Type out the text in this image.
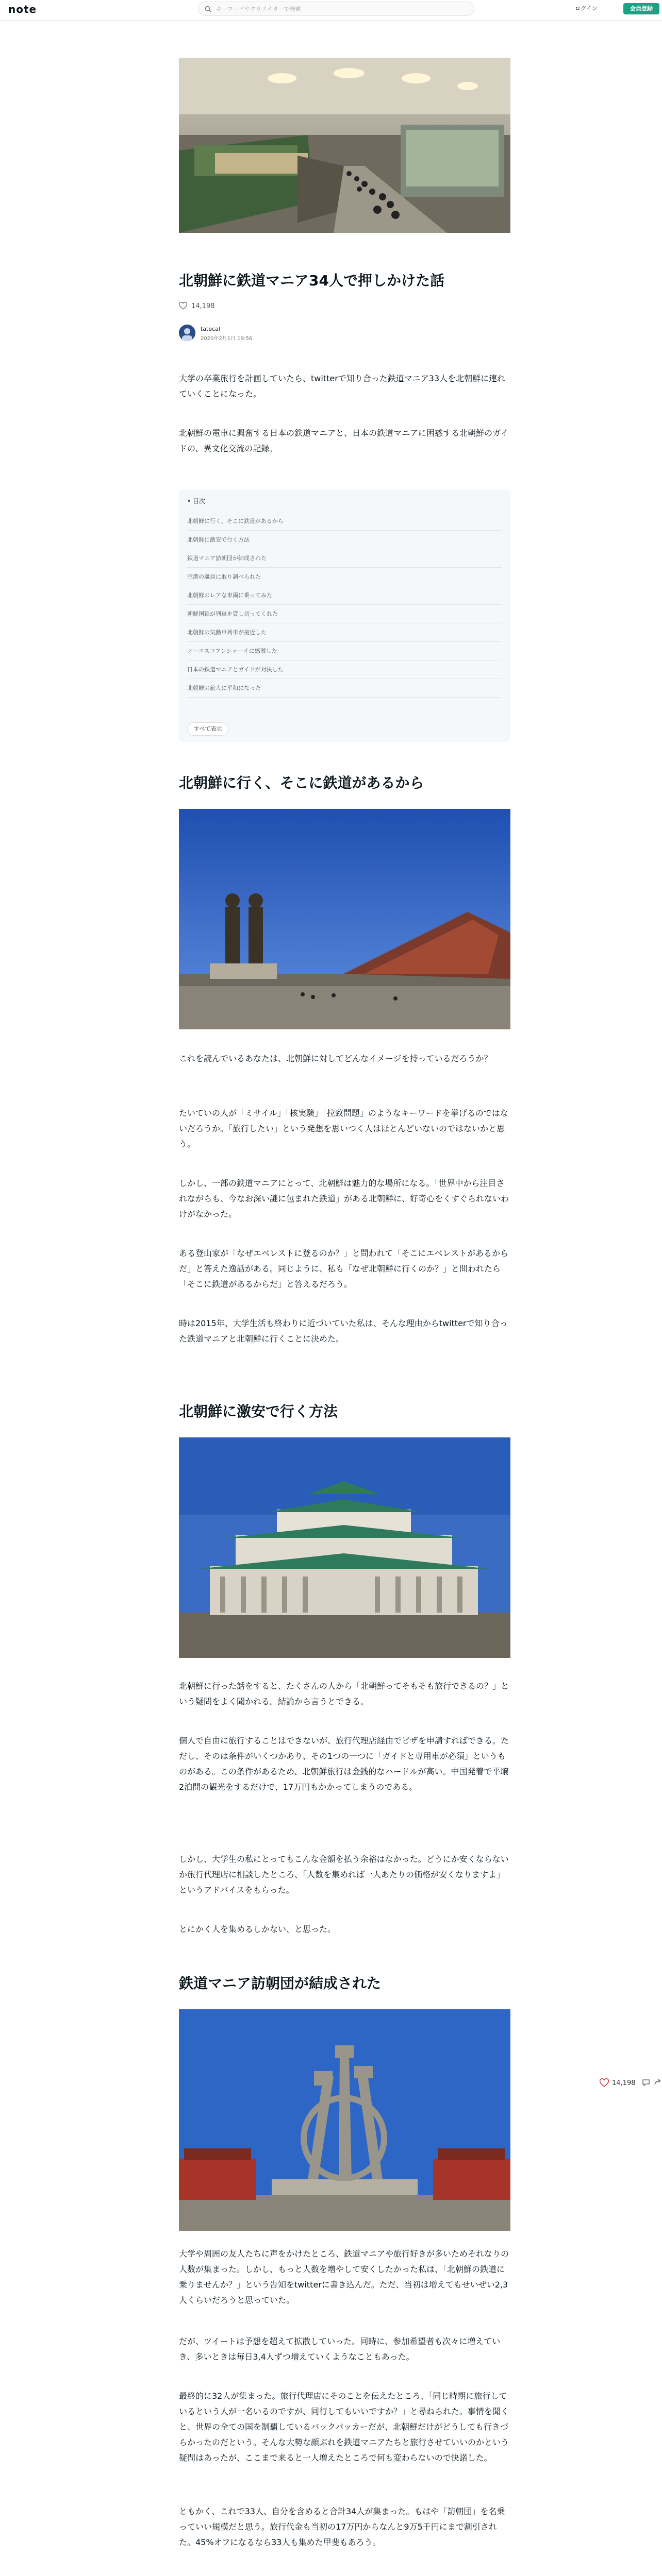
note
キーワードやクリエイターで検索	ログイン	会員登録
北朝鮮に鉄道マニア34人で押しかけた話
14,198
tatecal
2020年2月1日 19:56

大学の卒業旅行を計画していたら、twitterで知り合った鉄道マニア33人を北朝鮮に連れていくことになった。

北朝鮮の電車に興奮する日本の鉄道マニアと、日本の鉄道マニアに困惑する北朝鮮のガイドの、異文化交流の記録。

• 目次
北朝鮮に行く、そこに鉄道があるから
北朝鮮に激安で行く方法
鉄道マニア訪朝団が結成された
空港の職員に取り調べられた
北朝鮮のレアな車両に乗ってみた
朝鮮国鉄が列車を貸し切ってくれた
北朝鮮の気動車列車が接近した
ノーエスコアンシャーイに感激した
日本の鉄道マニアとガイドが対決した
北朝鮮の旅人に平和になった
すべて表示
北朝鮮に行く、そこに鉄道があるから

これを読んでいるあなたは、北朝鮮に対してどんなイメージを持っているだろうか？

たいていの人が「ミサイル」「核実験」「拉致問題」のようなキーワードを挙げるのではないだろうか。「旅行したい」という発想を思いつく人はほとんどいないのではないかと思う。

しかし、一部の鉄道マニアにとって、北朝鮮は魅力的な場所になる。「世界中から注目されながらも、今なお深い謎に包まれた鉄道」がある北朝鮮に、好奇心をくすぐられないわけがなかった。

ある登山家が「なぜエベレストに登るのか？」と問われて「そこにエベレストがあるからだ」と答えた逸話がある。同じように、私も「なぜ北朝鮮に行くのか？」と問われたら「そこに鉄道があるからだ」と答えるだろう。

時は2015年、大学生活も終わりに近づいていた私は、そんな理由からtwitterで知り合った鉄道マニアと北朝鮮に行くことに決めた。

北朝鮮に激安で行く方法

北朝鮮に行った話をすると、たくさんの人から「北朝鮮ってそもそも旅行できるの？」という疑問をよく聞かれる。結論から言うとできる。

個人で自由に旅行することはできないが、旅行代理店経由でビザを申請すればできる。ただし、そのは条件がいくつかあり、その1つの一つに「ガイドと専用車が必須」というものがある。この条件があるため、北朝鮮旅行は金銭的なハードルが高い。中国発着で平壌2泊間の観光をするだけで、17万円もかかってしまうのである。

しかし、大学生の私にとってもこんな金額を払う余裕はなかった。どうにか安くならないか旅行代理店に相談したところ、「人数を集めれば一人あたりの価格が安くなりますよ」というアドバイスをもらった。

とにかく人を集めるしかない、と思った。

鉄道マニア訪朝団が結成された

大学や周囲の友人たちに声をかけたところ、鉄道マニアや旅行好きが多いためそれなりの人数が集まった。しかし、もっと人数を増やして安くしたかった私は、「北朝鮮の鉄道に乗りませんか？」という告知をtwitterに書き込んだ。ただ、当初は増えてもせいぜい2,3人くらいだろうと思っていた。

だが、ツイートは予想を超えて拡散していった。同時に、参加希望者も次々に増えていき、多いときは毎日3,4人ずつ増えていくようなこともあった。

最終的に32人が集まった。旅行代理店にそのことを伝えたところ、「同じ時期に旅行しているという人が一名いるのですが、同行してもいいですか？」と尋ねられた。事情を聞くと、世界の全ての国を制覇しているバックパッカーだが、北朝鮮だけがどうしても行きづらかったのだという。そんな大勢な顔ぶれを鉄道マニアたちと旅行させていいのかという疑問はあったが、ここまで来ると一人増えたところで何も変わらないので快諾した。

ともかく、これで33人、自分を含めると合計34人が集まった。もはや「訪朝団」を名乗っていい規模だと思う。旅行代金も当初の17万円からなんと9万5千円にまで割引された。45%オフになるなら33人も集めた甲斐もあろう。

14,198
